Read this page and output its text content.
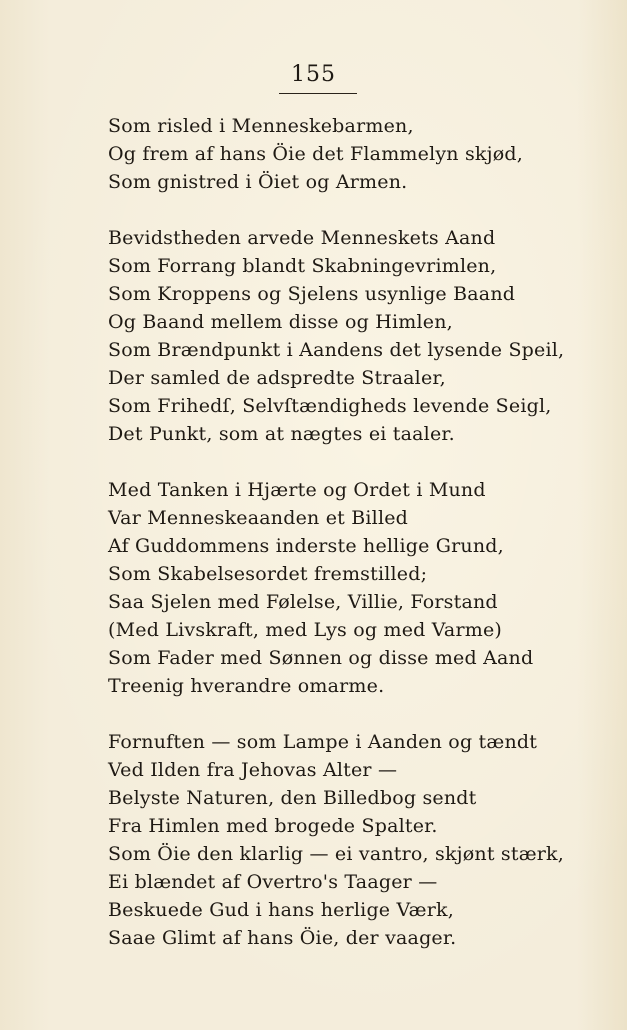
155
Som risled i Menneskebarmen,
Og frem af hans Öie det Flammelyn skjød,
Som gnistred i Öiet og Armen.
Bevidstheden arvede Menneskets Aand
Som Forrang blandt Skabningevrimlen,
Som Kroppens og Sjelens usynlige Baand
Og Baand mellem disse og Himlen,
Som Brændpunkt i Aandens det lysende Speil,
Der samled de adspredte Straaler,
Som Frihedſ, Selvſtændigheds levende Seigl,
Det Punkt, som at nægtes ei taaler.
Med Tanken i Hjærte og Ordet i Mund
Var Menneskeaanden et Billed
Af Guddommens inderste hellige Grund,
Som Skabelsesordet fremstilled;
Saa Sjelen med Følelse, Villie, Forstand
(Med Livskraft, med Lys og med Varme)
Som Fader med Sønnen og disse med Aand
Treenig hverandre omarme.
Fornuften — som Lampe i Aanden og tændt
Ved Ilden fra Jehovas Alter —
Belyste Naturen, den Billedbog sendt
Fra Himlen med brogede Spalter.
Som Öie den klarlig — ei vantro, skjønt stærk,
Ei blændet af Overtro's Taager —
Beskuede Gud i hans herlige Værk,
Saae Glimt af hans Öie, der vaager.
